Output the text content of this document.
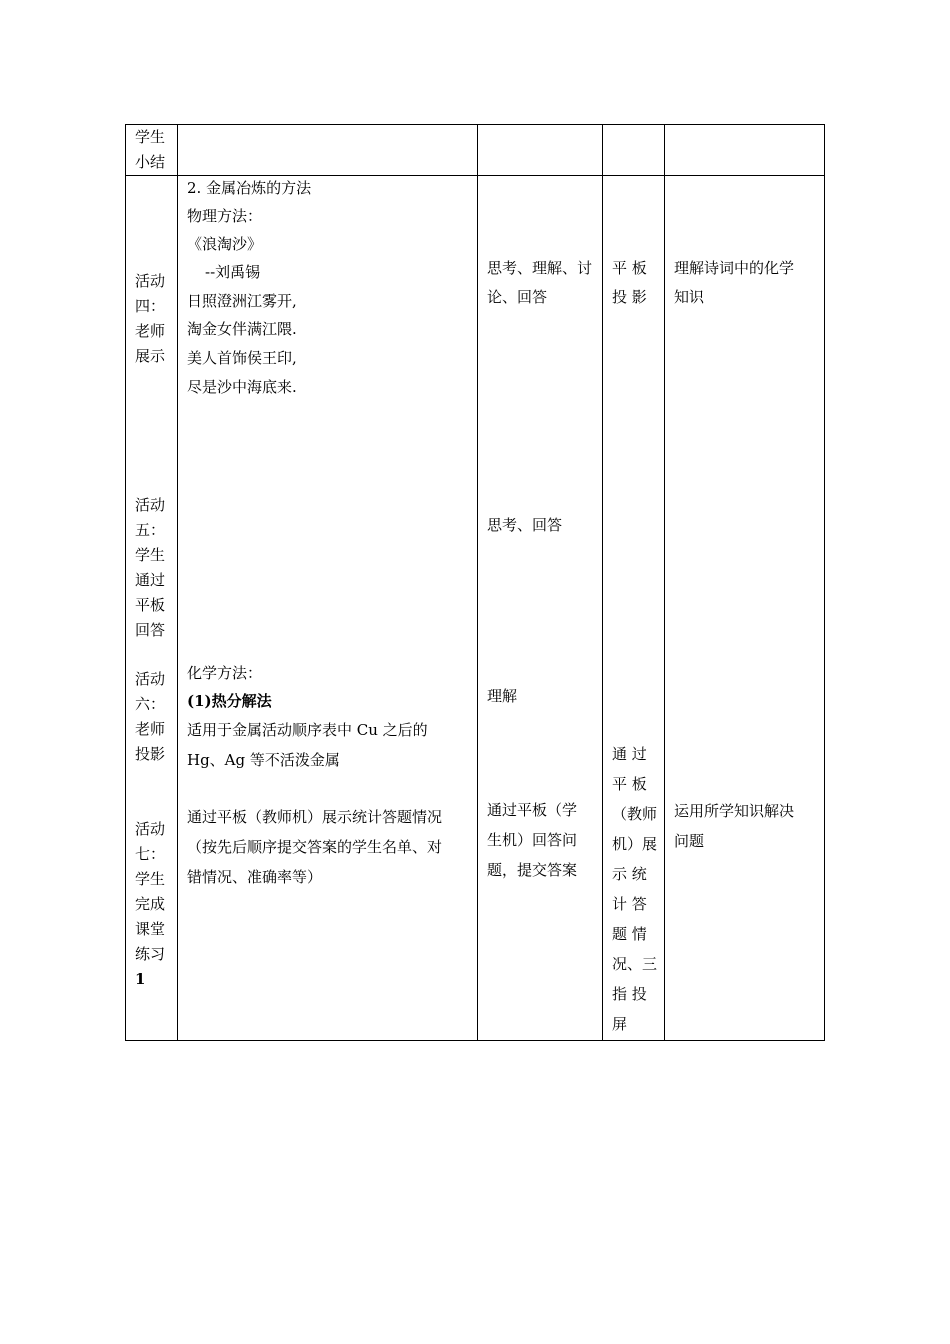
学生
小结
活动
四：
老师
展示
活动
五：
学生
通过
平板
回答
活动
六：
老师
投影
活动
七：
学生
完成
课堂
练习
1
2. 金属冶炼的方法
物理方法：
《浪淘沙》
--刘禹锡
日照澄洲江雾开,
淘金女伴满江隈.
美人首饰侯王印,
尽是沙中海底来.
化学方法：
(1)热分解法
适用于金属活动顺序表中 Cu 之后的
Hg、Ag 等不活泼金属
通过平板（教师机）展示统计答题情况
（按先后顺序提交答案的学生名单、对
错情况、准确率等）
思考、理解、讨
论、回答
思考、回答
理解
通过平板（学
生机）回答问
题，提交答案
平 板
投 影
通 过
平 板
（教师
机）展
示 统
计 答
题 情
况、三
指 投
屏
理解诗词中的化学
知识
运用所学知识解决
问题
